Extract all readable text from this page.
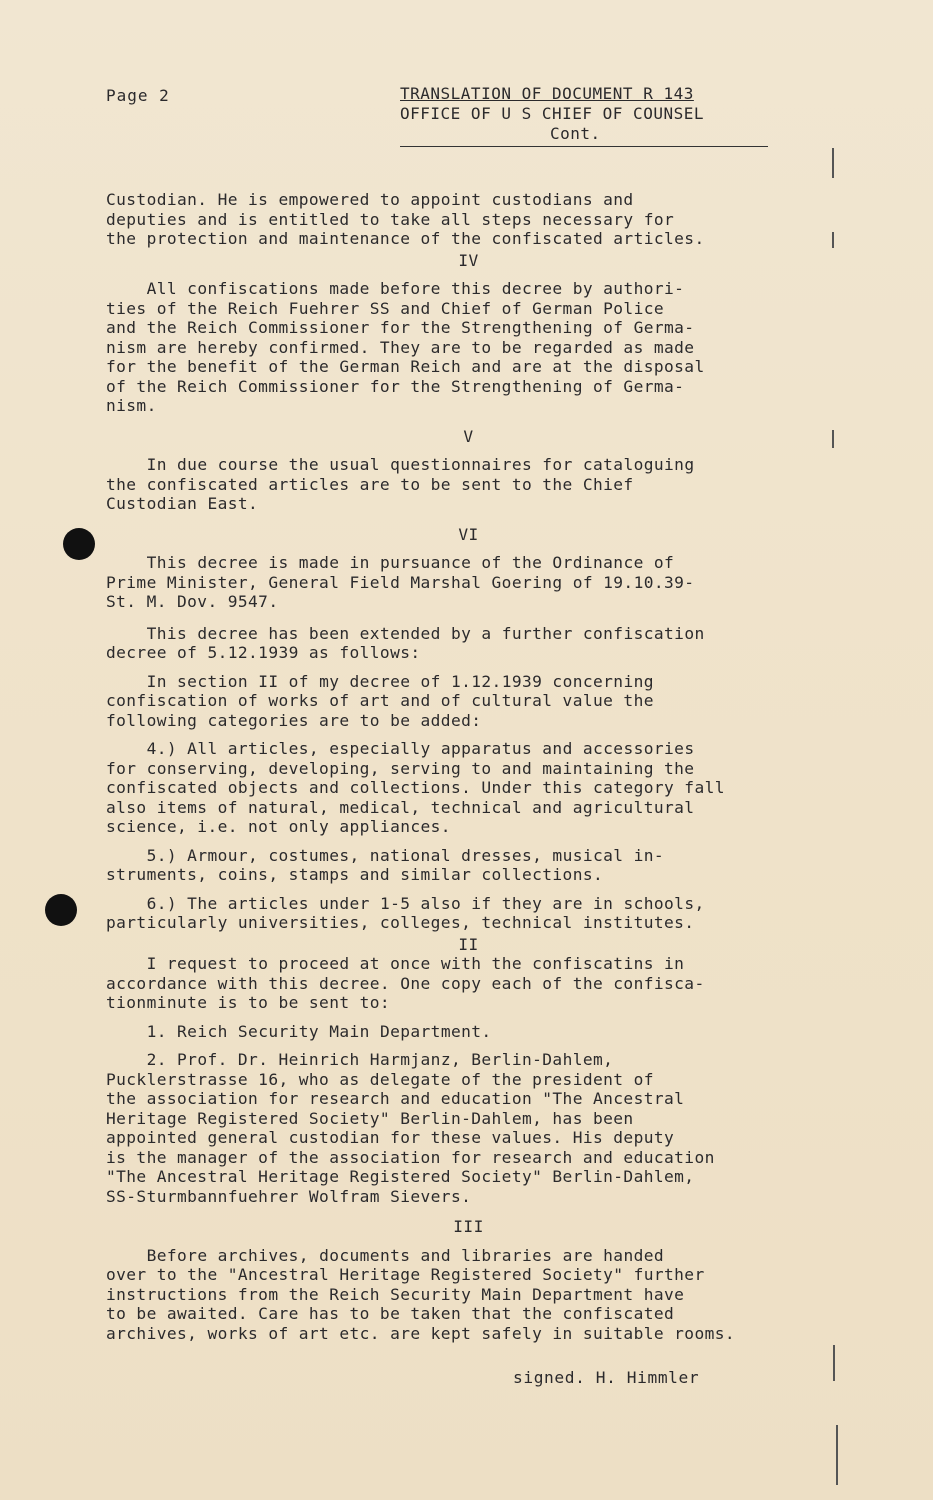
Page 2	TRANSLATION OF DOCUMENT R 143
OFFICE OF U S CHIEF OF COUNSEL
Cont.

Custodian. He is empowered to appoint custodians and
deputies and is entitled to take all steps necessary for
the protection and maintenance of the confiscated articles.

IV

All confiscations made before this decree by authori-
ties of the Reich Fuehrer SS and Chief of German Police
and the Reich Commissioner for the Strengthening of Germa-
nism are hereby confirmed. They are to be regarded as made
for the benefit of the German Reich and are at the disposal
of the Reich Commissioner for the Strengthening of Germa-
nism.

V

In due course the usual questionnaires for cataloguing
the confiscated articles are to be sent to the Chief
Custodian East.

VI

This decree is made in pursuance of the Ordinance of
Prime Minister, General Field Marshal Goering of 19.10.39-
St. M. Dov. 9547.

This decree has been extended by a further confiscation
decree of 5.12.1939 as follows:

In section II of my decree of 1.12.1939 concerning
confiscation of works of art and of cultural value the
following categories are to be added:

4.) All articles, especially apparatus and accessories
for conserving, developing, serving to and maintaining the
confiscated objects and collections. Under this category fall
also items of natural, medical, technical and agricultural
science, i.e. not only appliances.

5.) Armour, costumes, national dresses, musical in-
struments, coins, stamps and similar collections.

6.) The articles under 1-5 also if they are in schools,
particularly universities, colleges, technical institutes.

II

I request to proceed at once with the confiscatins in
accordance with this decree. One copy each of the confisca-
tionminute is to be sent to:

1. Reich Security Main Department.

2. Prof. Dr. Heinrich Harmjanz, Berlin-Dahlem,
Pucklerstrasse 16, who as delegate of the president of
the association for research and education "The Ancestral
Heritage Registered Society" Berlin-Dahlem, has been
appointed general custodian for these values. His deputy
is the manager of the association for research and education
"The Ancestral Heritage Registered Society" Berlin-Dahlem,
SS-Sturmbannfuehrer Wolfram Sievers.

III

Before archives, documents and libraries are handed
over to the "Ancestral Heritage Registered Society" further
instructions from the Reich Security Main Department have
to be awaited. Care has to be taken that the confiscated
archives, works of art etc. are kept safely in suitable rooms.

signed. H. Himmler
